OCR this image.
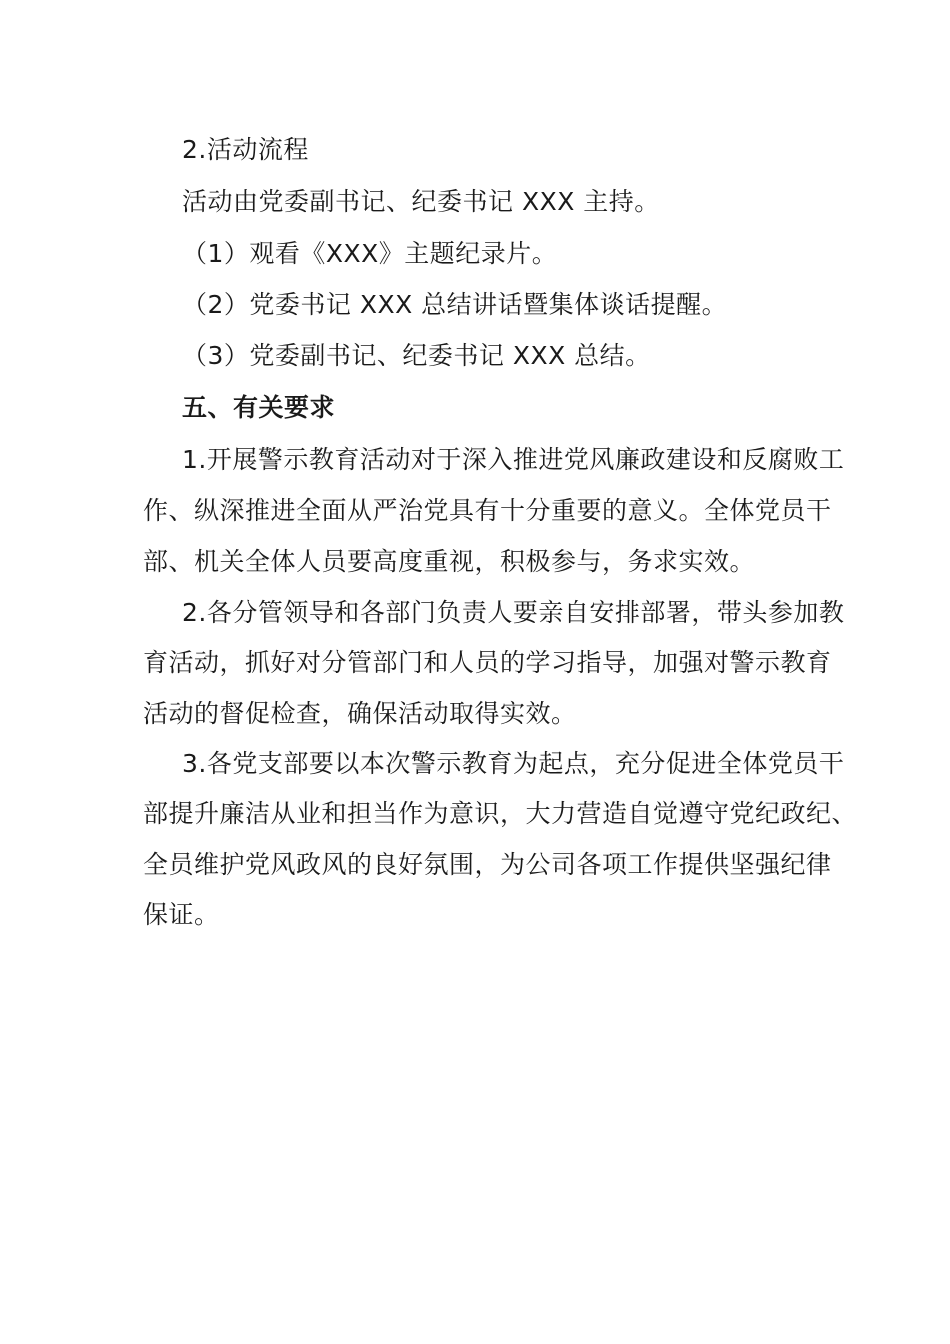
2.活动流程
活动由党委副书记、纪委书记 XXX 主持。
（1）观看《XXX》主题纪录片。
（2）党委书记 XXX 总结讲话暨集体谈话提醒。
（3）党委副书记、纪委书记 XXX 总结。
五、有关要求
1.开展警示教育活动对于深入推进党风廉政建设和反腐败工
作、纵深推进全面从严治党具有十分重要的意义。全体党员干
部、机关全体人员要高度重视，积极参与，务求实效。
2.各分管领导和各部门负责人要亲自安排部署，带头参加教
育活动，抓好对分管部门和人员的学习指导，加强对警示教育
活动的督促检查，确保活动取得实效。
3.各党支部要以本次警示教育为起点，充分促进全体党员干
部提升廉洁从业和担当作为意识，大力营造自觉遵守党纪政纪、
全员维护党风政风的良好氛围，为公司各项工作提供坚强纪律
保证。
